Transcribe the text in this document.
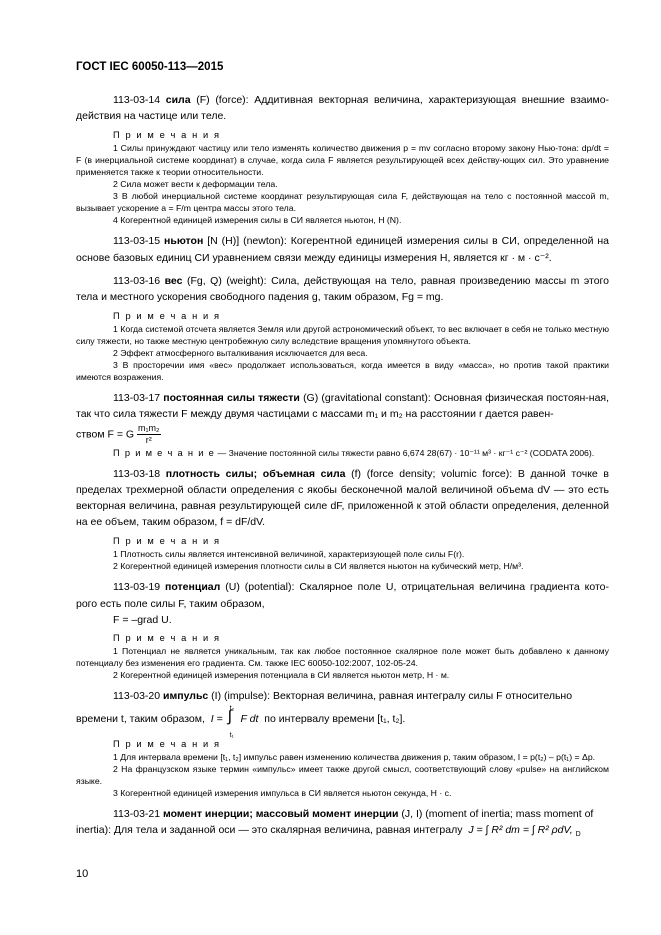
ГОСТ IEC 60050-113—2015

113-03-14 сила (F) (force): Аддитивная векторная величина, характеризующая внешние взаимо-действия на частице или теле.

П р и м е ч а н и я

1 Силы принуждают частицу или тело изменять количество движения p = mv согласно второму закону Нью-тона: dp/dt = F (в инерциальной системе координат) в случае, когда сила F является результирующей всех действу-ющих сил. Это уравнение применяется также к теории относительности.

2 Сила может вести к деформации тела.

3 В любой инерциальной системе координат результирующая сила F, действующая на тело с постоянной массой m, вызывает ускорение a = F/m центра массы этого тела.

4 Когерентной единицей измерения силы в СИ является ньютон, Н (N).

113-03-15 ньютон [N (H)] (newton): Когерентной единицей измерения силы в СИ, определенной на основе базовых единиц СИ уравнением связи между единицы измерения Н, является кг · м · с⁻².

113-03-16 вес (Fg, Q) (weight): Сила, действующая на тело, равная произведению массы m этого тела и местного ускорения свободного падения g, таким образом, Fg = mg.

П р и м е ч а н и я

1 Когда системой отсчета является Земля или другой астрономический объект, то вес включает в себя не только местную силу тяжести, но также местную центробежную силу вследствие вращения упомянутого объекта.

2 Эффект атмосферного выталкивания исключается для веса.

3 В просторечии имя «вес» продолжает использоваться, когда имеется в виду «масса», но против такой практики имеются возражения.

113-03-17 постоянная силы тяжести (G) (gravitational constant): Основная физическая постоян-ная, так что сила тяжести F между двумя частицами с массами m₁ и m₂ на расстоянии r дается равен-

ством F = G $\frac{\text{m₁m₂}}{\text{r²}}$

П р и м е ч а н и е — Значение постоянной силы тяжести равно 6,674 28(67) · 10⁻¹¹ м³ · кг⁻¹ с⁻² (CODATA 2006).

113-03-18 плотность силы; объемная сила (f) (force density; volumic force): В данной точке в пределах трехмерной области определения с якобы бесконечной малой величиной объема dV — это есть векторная величина, равная результирующей силе dF, приложенной к этой области определения, деленной на ее объем, таким образом, f = dF/dV.

П р и м е ч а н и я

1 Плотность силы является интенсивной величиной, характеризующей поле силы F(r).

2 Когерентной единицей измерения плотности силы в СИ является ньютон на кубический метр, Н/м³.

113-03-19 потенциал (U) (potential): Скалярное поле U, отрицательная величина градиента кото-рого есть поле силы F, таким образом,

F = –grad U.
П р и м е ч а н и я

1 Потенциал не является уникальным, так как любое постоянное скалярное поле может быть добавлено к данному потенциалу без изменения его градиента. См. также IEC 60050-102:2007, 102-05-24.

2 Когерентной единицей измерения потенциала в СИ является ньютон метр, Н · м.

113-03-20 импульс (I) (impulse): Векторная величина, равная интегралу силы F относительно

времени t, таким образом, I =
t₂
∫
t₁
F dt по интервалу времени [t₁, t₂].
П р и м е ч а н и я

1 Для интервала времени [t₁, t₂] импульс равен изменению количества движения p, таким образом, I = p(t₂) – p(t₁) = Δp.

2 На французском языке термин «импульс» имеет также другой смысл, соответствующий слову «pulse» на английском языке.

3 Когерентной единицей измерения импульса в СИ является ньютон секунда, Н · с.

113-03-21 момент инерции; массовый момент инерции (J, I) (moment of inertia; mass moment of

inertia): Для тела и заданной оси — это скалярная величина, равная интегралу J = ∫ R² dm = ∫ R² ρdV, $_D$

10
